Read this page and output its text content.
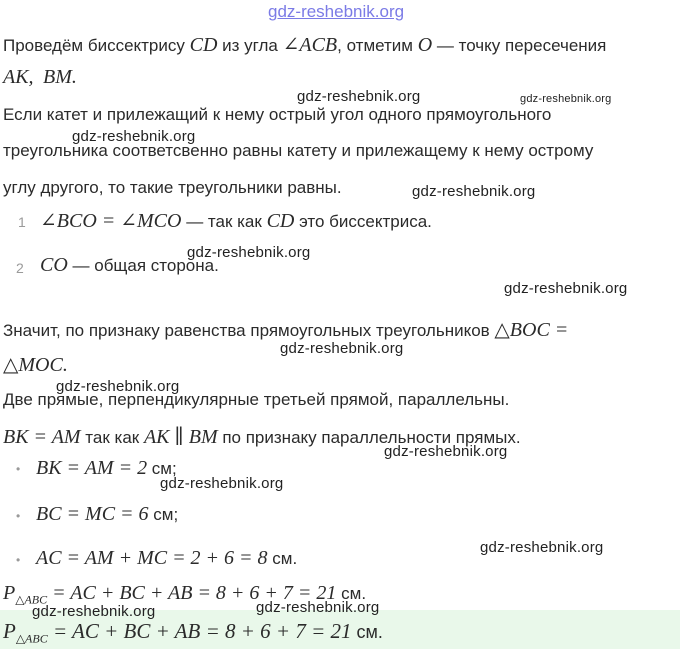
gdz-reshebnik.org
Проведём биссектрису CD из угла ∠ACB, отметим O — точку пересечения
AK, BM.
Если катет и прилежащий к нему острый угол одного прямоугольного
треугольника соответсвенно равны катету и прилежащему к нему острому
углу другого, то такие треугольники равны.
1 ∠BCO = ∠MCO — так как CD это биссектриса.
2 CO — общая сторона.
Значит, по признаку равенства прямоугольных треугольников △BOC =
△MOC.
Две прямые, перпендикулярные третьей прямой, параллельны.
BK = AM так как AK ∥ BM по признаку параллельности прямых.
• BK = AM = 2 см;
• BC = MC = 6 см;
• AC = AM + MC = 2 + 6 = 8 см.
$P_{\triangle ABC}$ = AC + BC + AB = 8 + 6 + 7 = 21 см.
$P_{\triangle ABC}$ = AC + BC + AB = 8 + 6 + 7 = 21 см.
gdz-reshebnik.org	gdz-reshebnik.org
gdz-reshebnik.org
gdz-reshebnik.org
gdz-reshebnik.org
gdz-reshebnik.org
gdz-reshebnik.org
gdz-reshebnik.org
gdz-reshebnik.org
gdz-reshebnik.org
gdz-reshebnik.org
gdz-reshebnik.org	gdz-reshebnik.org
